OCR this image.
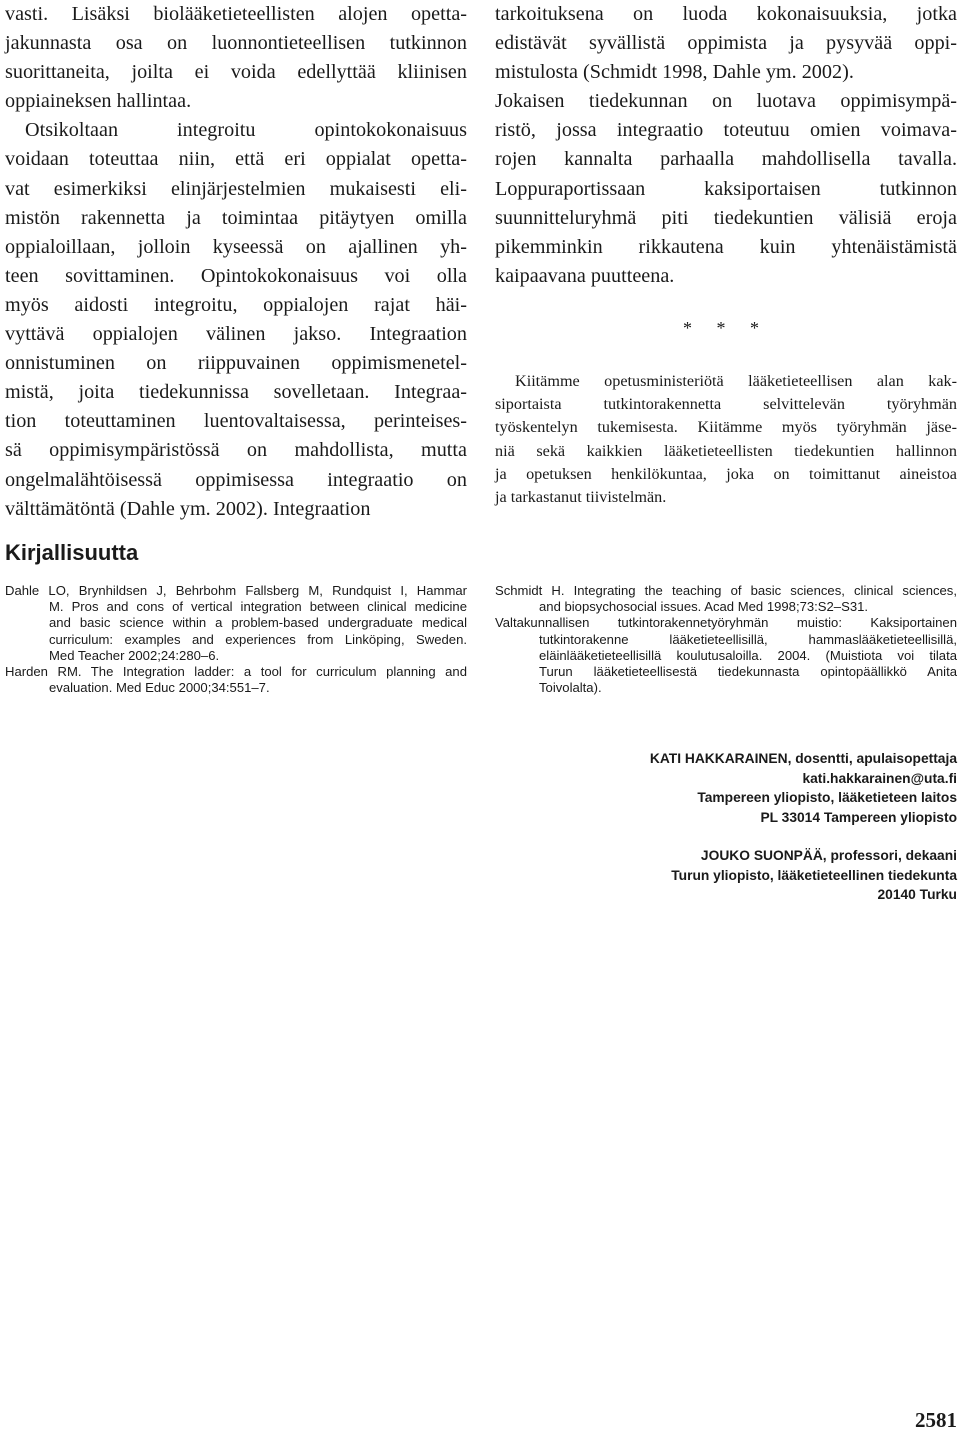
vasti. Lisäksi biolääketieteellisten alojen opetta-
jakunnasta osa on luonnontieteellisen tutkinnon
suorittaneita, joilta ei voida edellyttää kliinisen
oppiaineksen hallintaa.
Otsikoltaan integroitu opintokokonaisuus
voidaan toteuttaa niin, että eri oppialat opetta-
vat esimerkiksi elinjärjestelmien mukaisesti eli-
mistön rakennetta ja toimintaa pitäytyen omilla
oppialoillaan, jolloin kyseessä on ajallinen yh-
teen sovittaminen. Opintokokonaisuus voi olla
myös aidosti integroitu, oppialojen rajat häi-
vyttävä oppialojen välinen jakso. Integraation
onnistuminen on riippuvainen oppimismenetel-
mistä, joita tiedekunnissa sovelletaan. Integraa-
tion toteuttaminen luentovaltaisessa, perinteises-
sä oppimisympäristössä on mahdollista, mutta
ongelmalähtöisessä oppimisessa integraatio on
välttämätöntä (Dahle ym. 2002). Integraation
tarkoituksena on luoda kokonaisuuksia, jotka
edistävät syvällistä oppimista ja pysyvää oppi-
mistulosta (Schmidt 1998, Dahle ym. 2002).
Jokaisen tiedekunnan on luotava oppimisympä-
ristö, jossa integraatio toteutuu omien voimava-
rojen kannalta parhaalla mahdollisella tavalla.
Loppuraportissaan kaksiportaisen tutkinnon
suunnitteluryhmä piti tiedekuntien välisiä eroja
pikemminkin rikkautena kuin yhtenäistämistä
kaipaavana puutteena.
* * *
Kiitämme opetusministeriötä lääketieteellisen alan kak-
siportaista tutkintorakennetta selvittelevän työryhmän
työskentelyn tukemisesta. Kiitämme myös työryhmän jäse-
niä sekä kaikkien lääketieteellisten tiedekuntien hallinnon
ja opetuksen henkilökuntaa, joka on toimittanut aineistoa
ja tarkastanut tiivistelmän.
Kirjallisuutta
Dahle LO, Brynhildsen J, Behrbohm Fallsberg M, Rundquist I, Hammar
M. Pros and cons of vertical integration between clinical medicine
and basic science within a problem-based undergraduate medical
curriculum: examples and experiences from Linköping, Sweden.
Med Teacher 2002;24:280–6.
Harden RM. The Integration ladder: a tool for curriculum planning and
evaluation. Med Educ 2000;34:551–7.
Schmidt H. Integrating the teaching of basic sciences, clinical sciences,
and biopsychosocial issues. Acad Med 1998;73:S2–S31.
Valtakunnallisen tutkintorakennetyöryhmän muistio: Kaksiportainen
tutkintorakenne lääketieteellisillä, hammaslääketieteellisillä,
eläinlääketieteellisillä koulutusaloilla. 2004. (Muistiota voi tilata
Turun lääketieteellisestä tiedekunnasta opintopäällikkö Anita
Toivolalta).
KATI HAKKARAINEN, dosentti, apulaisopettaja
kati.hakkarainen@uta.fi
Tampereen yliopisto, lääketieteen laitos
PL 33014 Tampereen yliopisto
JOUKO SUONPÄÄ, professori, dekaani
Turun yliopisto, lääketieteellinen tiedekunta
20140 Turku
2581
